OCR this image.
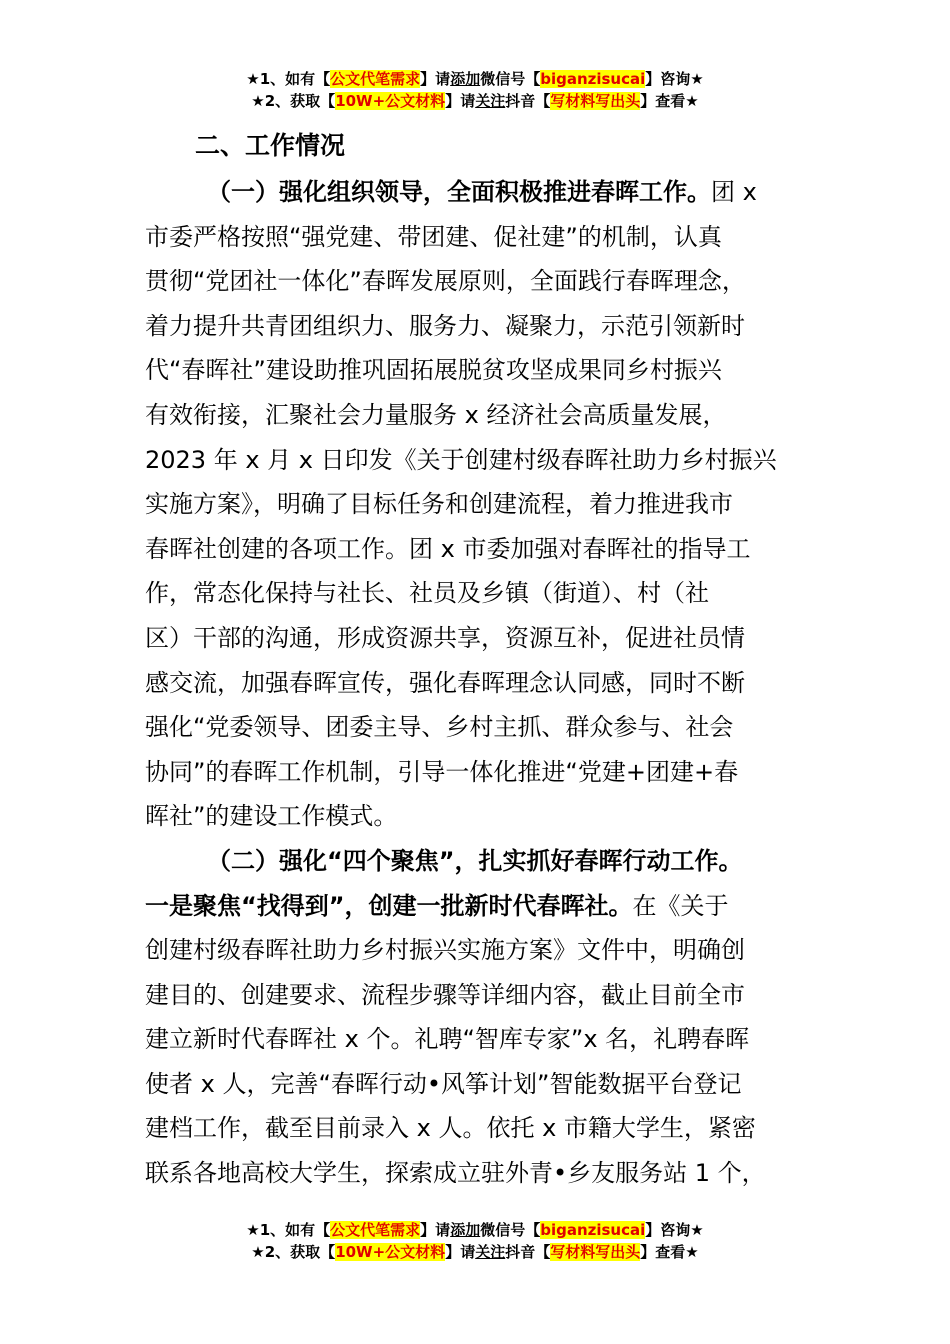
★1、如有【公文代笔需求】请添加微信号【biganzisucai】咨询★
★2、获取【10W+公文材料】请关注抖音【写材料写出头】查看★
二、工作情况

（一）强化组织领导，全面积极推进春晖工作。团 x
市委严格按照“强党建、带团建、促社建”的机制，认真
贯彻“党团社一体化”春晖发展原则，全面践行春晖理念，
着力提升共青团组织力、服务力、凝聚力，示范引领新时
代“春晖社”建设助推巩固拓展脱贫攻坚成果同乡村振兴
有效衔接，汇聚社会力量服务 x 经济社会高质量发展，
2023 年 x 月 x 日印发《关于创建村级春晖社助力乡村振兴
实施方案》，明确了目标任务和创建流程，着力推进我市
春晖社创建的各项工作。团 x 市委加强对春晖社的指导工
作，常态化保持与社长、社员及乡镇（街道）、村（社
区）干部的沟通，形成资源共享，资源互补，促进社员情
感交流，加强春晖宣传，强化春晖理念认同感，同时不断
强化“党委领导、团委主导、乡村主抓、群众参与、社会
协同”的春晖工作机制，引导一体化推进“党建+团建+春
晖社”的建设工作模式。

（二）强化“四个聚焦”，扎实抓好春晖行动工作。
一是聚焦“找得到”，创建一批新时代春晖社。在《关于
创建村级春晖社助力乡村振兴实施方案》文件中，明确创
建目的、创建要求、流程步骤等详细内容，截止目前全市
建立新时代春晖社 x 个。礼聘“智库专家”x 名，礼聘春晖
使者 x 人，完善“春晖行动•风筝计划”智能数据平台登记
建档工作，截至目前录入 x 人。依托 x 市籍大学生，紧密
联系各地高校大学生，探索成立驻外青•乡友服务站 1 个，

★1、如有【公文代笔需求】请添加微信号【biganzisucai】咨询★
★2、获取【10W+公文材料】请关注抖音【写材料写出头】查看★
